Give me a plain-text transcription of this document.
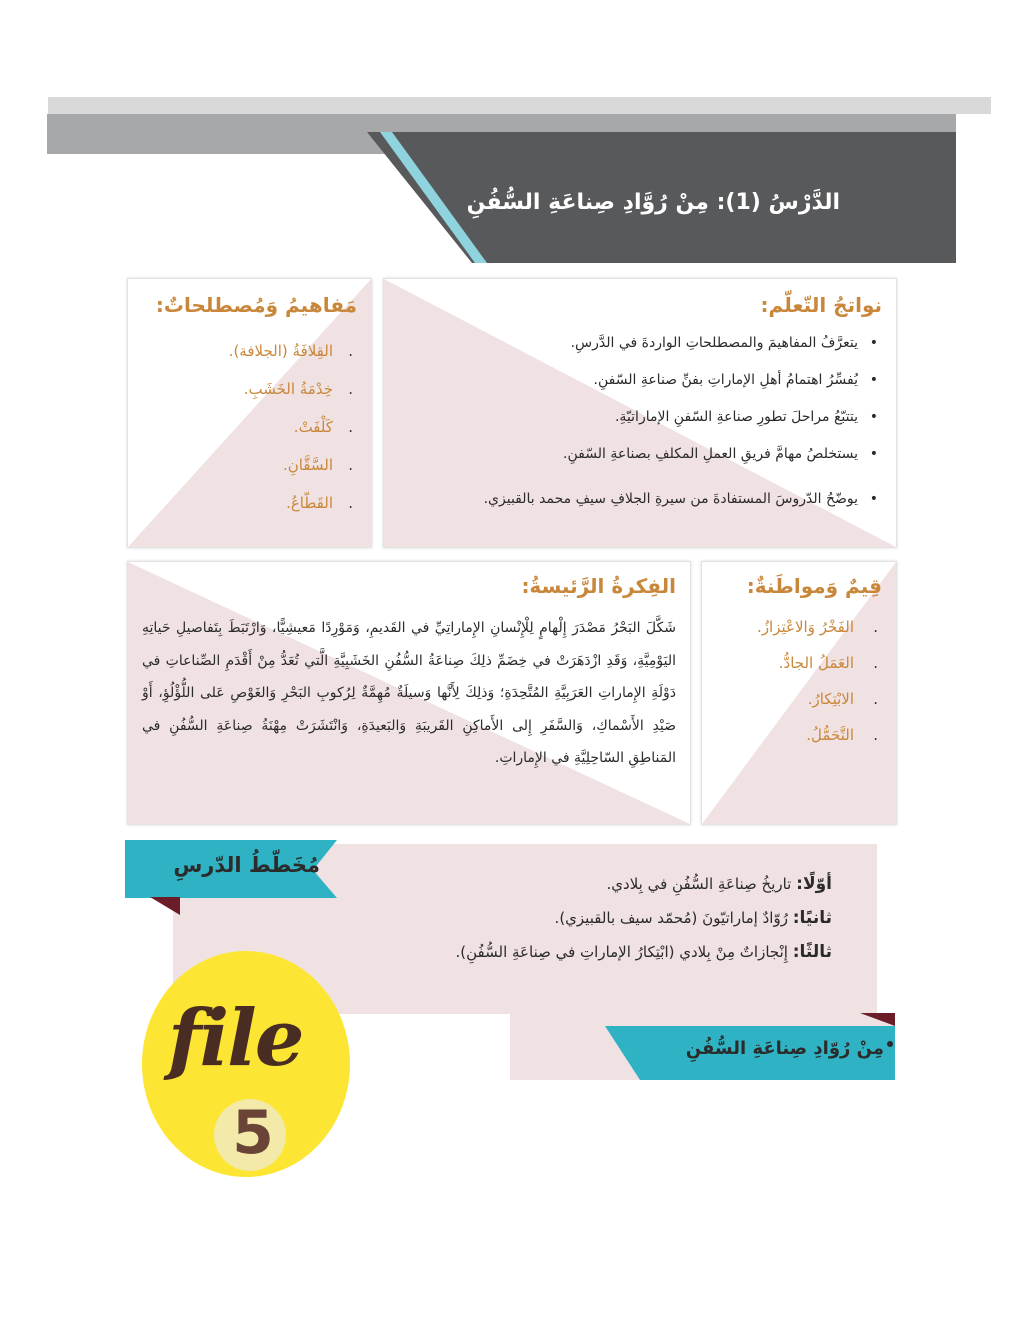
الدَّرْسُ (1): مِنْ رُوَّادِ صِناعَةِ السُّفُنِ
نواتجُ التّعلّم:
•
يتعرَّفُ المفاهيمَ والمصطلحاتِ الواردةَ في الدَّرسِ.
•
يُفسِّرُ اهتمامُ أهلِ الإماراتِ بفنِّ صناعةِ السّفنِ.
•
يتتبّعُ مراحلَ تطورِ صناعةِ السّفنِ الإماراتيّةِ.
•
يستخلصُ مهامَّ فريقِ العملِ المكلفِ بصناعةِ السّفنِ.
•
يوضّحُ الدّروسَ المستفادةَ من سيرةِ الجلافِ سيفِ محمد بالقبيزي.
مَفاهيمُ وَمُصطلحاتٌ:
.
القِلافَةُ (الجلافة).
.
خِدْمَةُ الخَشَبِ.
.
كَلْفَتْ.
.
السَّقَّانِ.
.
القَطّاعُ.
قِيمٌ وَمواطَنةٌ:
.
الفَخْرُ وَالاعْتِزازُ.
.
العَمَلُ الجادُّ.
.
الابْتِكارُ.
.
التَّحَمُّلُ.
الفِكرةُ الرَّئيسةُ:
شَكَّلَ البَحْرُ مَصْدَرَ إِلْهامٍ لِلْإِنْسانِ الإِماراتِيِّ في القَديمِ، وَمَوْرِدًا مَعيشِيًّا، وَارْتَبَطَ بِتَفاصيلِ حَياتِهِ اليَوْمِيَّةِ، وَقَدِ ازْدَهَرَتْ في خِضَمِّ ذلِكَ صِناعَةُ السُّفُنِ الخَشَبِيَّةِ الَّتي تُعَدُّ مِنْ أَقْدَمِ الصِّناعاتِ في دَوْلَةِ الإِماراتِ العَرَبِيَّةِ المُتَّحِدَةِ؛ وَذلِكَ لِأَنَّها وَسيلَةٌ مُهِمَّةٌ لِرُكوبِ البَحْرِ وَالغَوْصِ عَلى اللُّؤْلُؤِ، أَوْ صَيْدِ الأَسْماكِ، وَالسَّفَرِ إِلى الأَماكِنِ القَريبَةِ وَالبَعيدَةِ، وَانْتَشَرَتْ مِهْنَةُ صِناعَةِ السُّفُنِ في المَناطِقِ السّاحِلِيَّةِ في الإِماراتِ.
مُخَطّطُ الدّرسِ
أوّلًا: تاريخُ صِناعَةِ السُّفُنِ في بِلادي.
ثانيًا: رُوّادٌ إماراتيّونَ (مُحمّد سيف بالقبيزي).
ثالثًا: إِنْجازاتٌ مِنْ بِلادي (ابْتِكارُ الإماراتِ في صِناعَةِ السُّفُنِ).
مِنْ رُوّادِ صِناعَةِ السُّفُنِ
file
5
